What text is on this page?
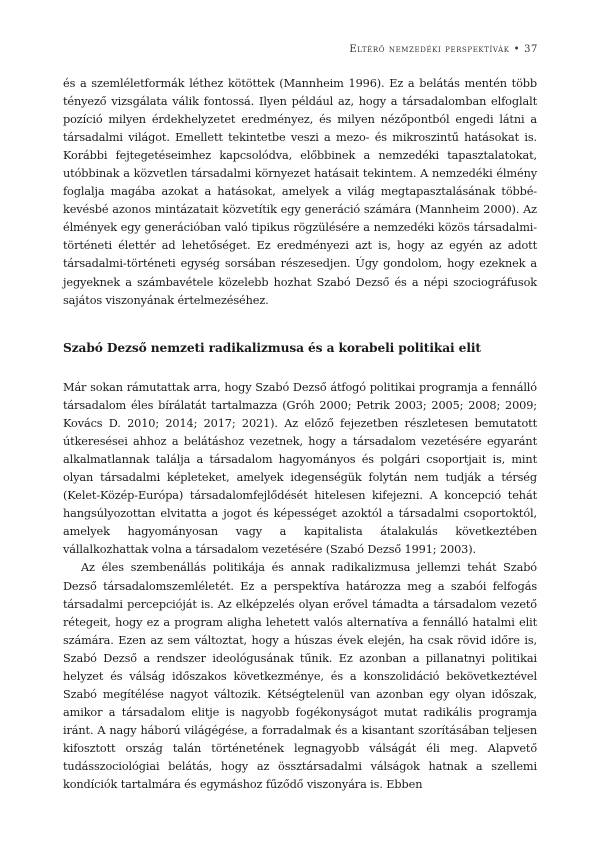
Eltérő nemzedéki perspektívák • 37

és a szemléletformák léthez kötöttek (Mannheim 1996). Ez a belátás mentén több tényező vizsgálata válik fontossá. Ilyen például az, hogy a társadalomban elfoglalt pozíció milyen érdekhelyzetet eredményez, és milyen nézőpontból engedi látni a társadalmi világot. Emellett tekintetbe veszi a mezo- és mikroszintű hatásokat is. Korábbi fejtegetéseimhez kapcsolódva, előbbinek a nemzedéki tapasztalatokat, utóbbinak a közvetlen társadalmi környezet hatásait tekintem. A nemzedéki élmény foglalja magába azokat a hatásokat, amelyek a világ megtapasztalásának többé-kevésbé azonos mintázatait közvetítik egy generáció számára (Mannheim 2000). Az élmények egy generációban való tipikus rögzülésére a nemzedéki közös társadalmi-történeti élettér ad lehetőséget. Ez eredményezi azt is, hogy az egyén az adott társadalmi-történeti egység sorsában részesedjen. Úgy gondolom, hogy ezeknek a jegyeknek a számbavétele közelebb hozhat Szabó Dezső és a népi szociográfusok sajátos viszonyának értelmezéséhez.

Szabó Dezső nemzeti radikalizmusa és a korabeli politikai elit

Már sokan rámutattak arra, hogy Szabó Dezső átfogó politikai programja a fennálló társadalom éles bírálatát tartalmazza (Gróh 2000; Petrik 2003; 2005; 2008; 2009; Kovács D. 2010; 2014; 2017; 2021). Az előző fejezetben részletesen bemutatott útkeresései ahhoz a belátáshoz vezetnek, hogy a társadalom vezetésére egyaránt alkalmatlannak találja a társadalom hagyományos és polgári csoportjait is, mint olyan társadalmi képleteket, amelyek idegenségük folytán nem tudják a térség (Kelet-Közép-Európa) társadalomfejlődését hitelesen kifejezni. A koncepció tehát hangsúlyozottan elvitatta a jogot és képességet azoktól a társadalmi csoportoktól, amelyek hagyományosan vagy a kapitalista átalakulás következtében vállalkozhattak volna a társadalom vezetésére (Szabó Dezső 1991; 2003).

Az éles szembenállás politikája és annak radikalizmusa jellemzi tehát Szabó Dezső társadalomszemléletét. Ez a perspektíva határozza meg a szabói felfogás társadalmi percepcióját is. Az elképzelés olyan erővel támadta a társadalom vezető rétegeit, hogy ez a program aligha lehetett valós alternatíva a fennálló hatalmi elit számára. Ezen az sem változtat, hogy a húszas évek elején, ha csak rövid időre is, Szabó Dezső a rendszer ideológusának tűnik. Ez azonban a pillanatnyi politikai helyzet és válság időszakos következménye, és a konszolidáció bekövetkeztével Szabó megítélése nagyot változik. Kétségtelenül van azonban egy olyan időszak, amikor a társadalom elitje is nagyobb fogékonyságot mutat radikális programja iránt. A nagy háború világégése, a forradalmak és a kisantant szorításában teljesen kifosztott ország talán történetének legnagyobb válságát éli meg. Alapvető tudásszociológiai belátás, hogy az össztársadalmi válságok hatnak a szellemi kondíciók tartalmára és egymáshoz fűződő viszonyára is. Ebben
